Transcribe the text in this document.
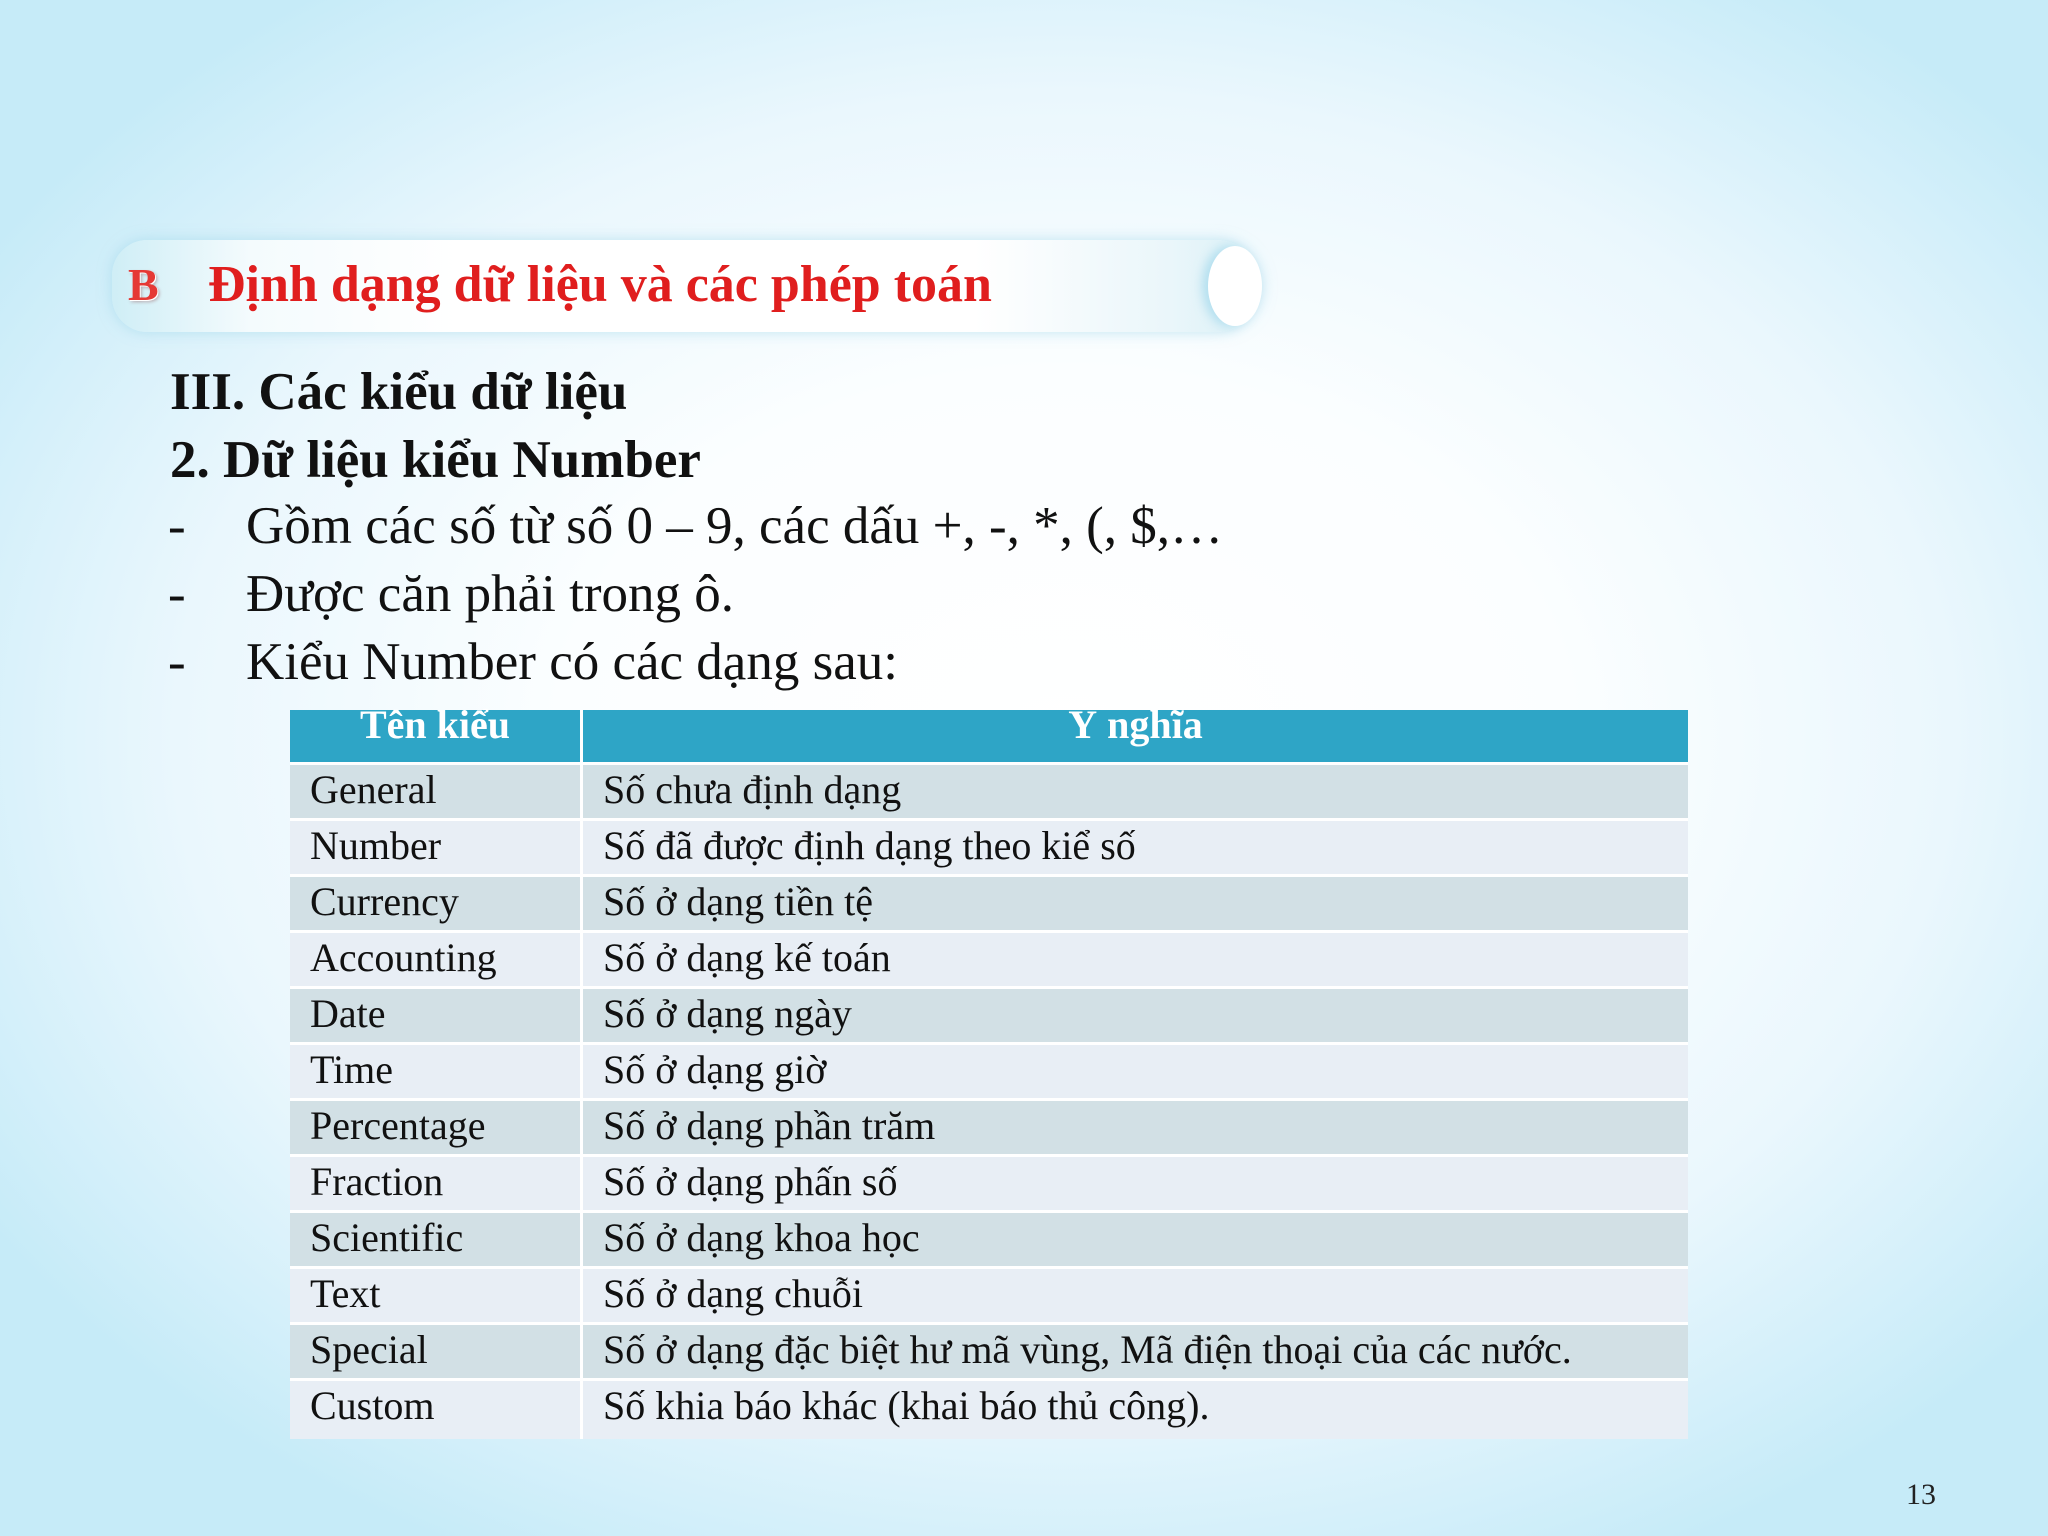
B Định dạng dữ liệu và các phép toán
III. Các kiểu dữ liệu
2. Dữ liệu kiểu Number
- Gồm các số từ số 0 – 9, các dấu +, -, *, (, $,…
- Được căn phải trong ô.
- Kiểu Number có các dạng sau:
Tên kiểu	Ý nghĩa
General	Số chưa định dạng
Number	Số đã được định dạng theo kiể số
Currency	Số ở dạng tiền tệ
Accounting	Số ở dạng kế toán
Date	Số ở dạng ngày
Time	Số ở dạng giờ
Percentage	Số ở dạng phần trăm
Fraction	Số ở dạng phấn số
Scientific	Số ở dạng khoa học
Text	Số ở dạng chuỗi
Special	Số ở dạng đặc biệt hư mã vùng, Mã điện thoại của các nước.
Custom	Số khia báo khác (khai báo thủ công).
13
